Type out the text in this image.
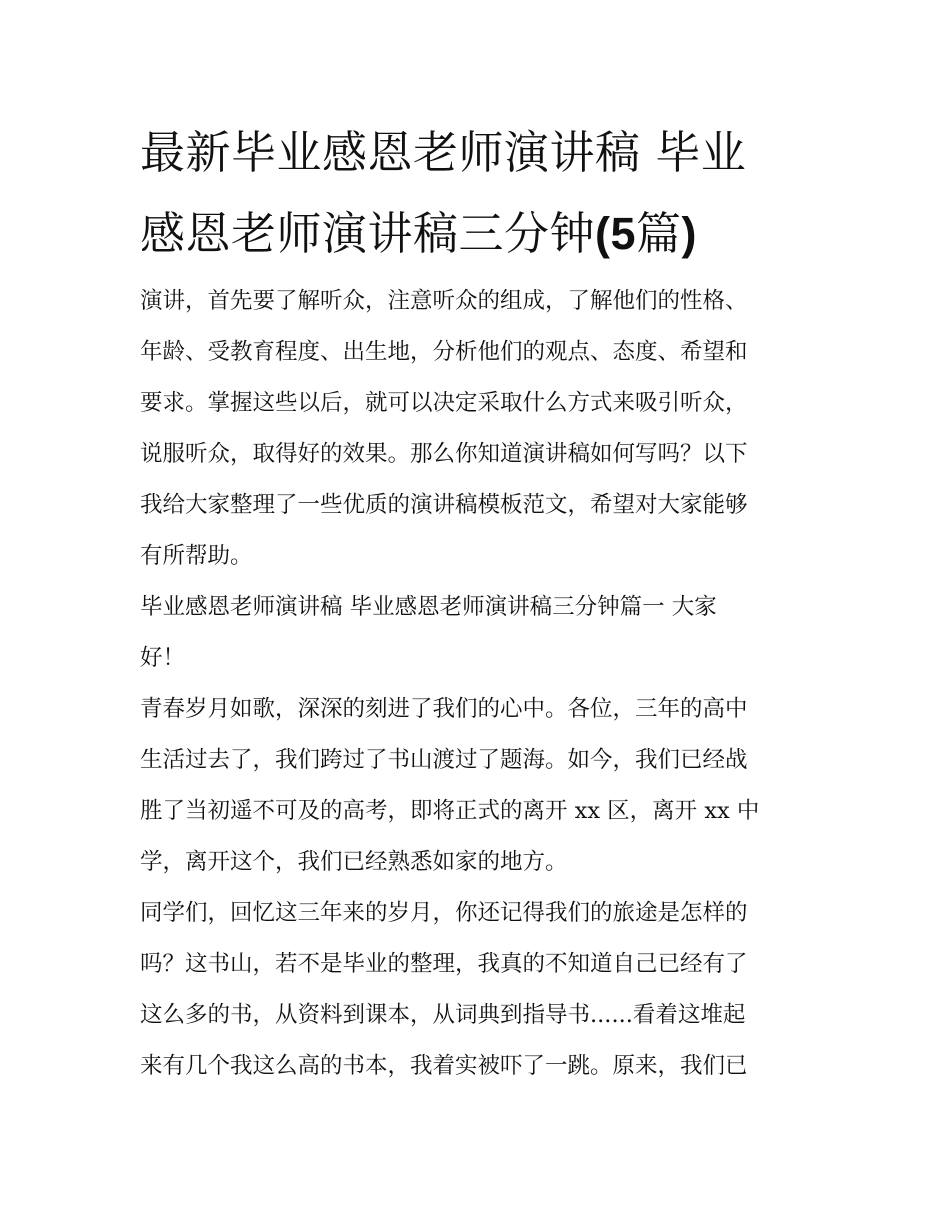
最新毕业感恩老师演讲稿 毕业
感恩老师演讲稿三分钟(5篇)
演讲，首先要了解听众，注意听众的组成，了解他们的性格、
年龄、受教育程度、出生地，分析他们的观点、态度、希望和
要求。掌握这些以后，就可以决定采取什么方式来吸引听众，
说服听众，取得好的效果。那么你知道演讲稿如何写吗？以下
我给大家整理了一些优质的演讲稿模板范文，希望对大家能够
有所帮助。
毕业感恩老师演讲稿 毕业感恩老师演讲稿三分钟篇一 大家
好！
青春岁月如歌，深深的刻进了我们的心中。各位，三年的高中
生活过去了，我们跨过了书山渡过了题海。如今，我们已经战
胜了当初遥不可及的高考，即将正式的离开 xx 区，离开 xx 中
学，离开这个，我们已经熟悉如家的地方。
同学们，回忆这三年来的岁月，你还记得我们的旅途是怎样的
吗？这书山，若不是毕业的整理，我真的不知道自己已经有了
这么多的书，从资料到课本，从词典到指导书......看着这堆起
来有几个我这么高的书本，我着实被吓了一跳。原来，我们已
